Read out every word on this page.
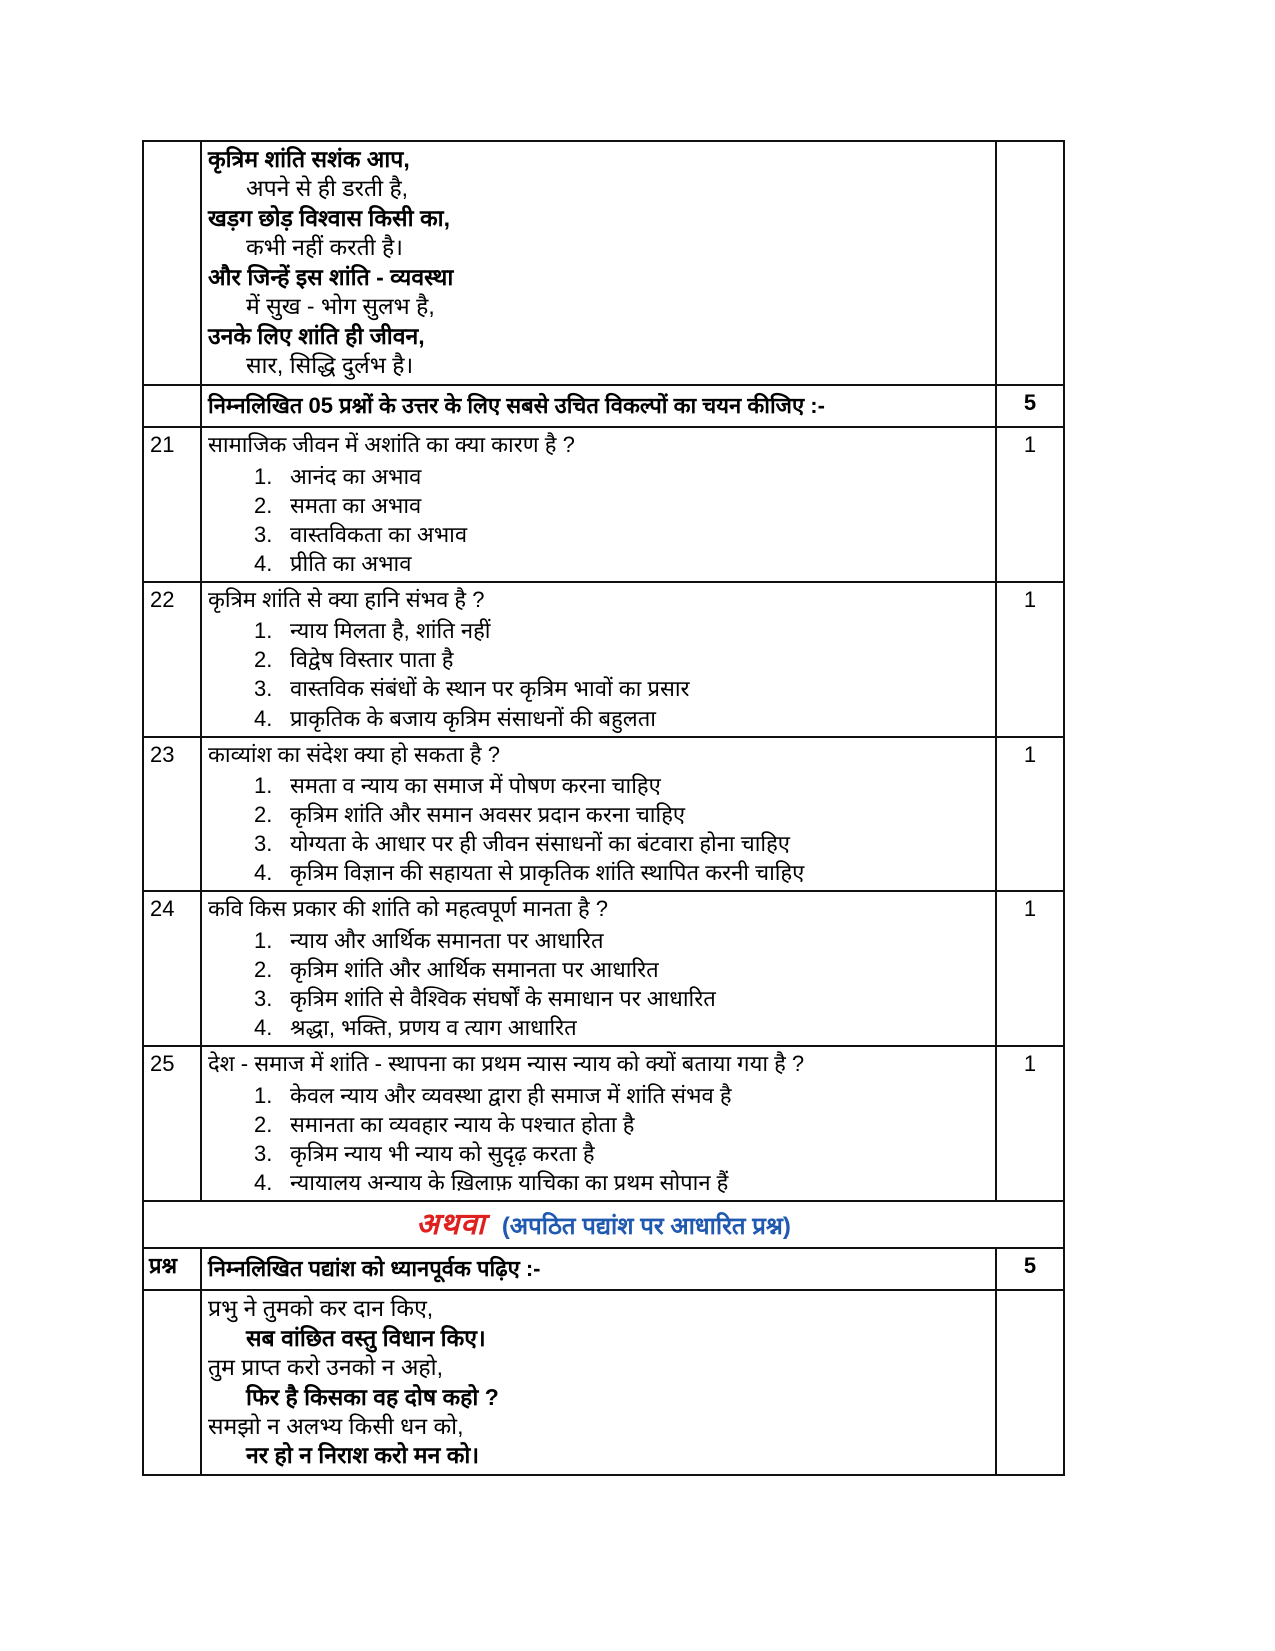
कृत्रिम शांति सशंक आप,
अपने से ही डरती है,
खड़ग छोड़ विश्वास किसी का,
कभी नहीं करती है।
और जिन्हें इस शांति - व्यवस्था
में सुख - भोग सुलभ है,
उनके लिए शांति ही जीवन,
सार, सिद्धि दुर्लभ है।

	निम्नलिखित 05 प्रश्नों के उत्तर के लिए सबसे उचित विकल्पों का चयन कीजिए :-	5
21	सामाजिक जीवन में अशांति का क्या कारण है ?
1. आनंद का अभाव
2. समता का अभाव
3. वास्तविकता का अभाव
4. प्रीति का अभाव
	1
22	कृत्रिम शांति से क्या हानि संभव है ?
1. न्याय मिलता है, शांति नहीं
2. विद्वेष विस्तार पाता है
3. वास्तविक संबंधों के स्थान पर कृत्रिम भावों का प्रसार
4. प्राकृतिक के बजाय कृत्रिम संसाधनों की बहुलता
	1
23	काव्यांश का संदेश क्या हो सकता है ?
1. समता व न्याय का समाज में पोषण करना चाहिए
2. कृत्रिम शांति और समान अवसर प्रदान करना चाहिए
3. योग्यता के आधार पर ही जीवन संसाधनों का बंटवारा होना चाहिए
4. कृत्रिम विज्ञान की सहायता से प्राकृतिक शांति स्थापित करनी चाहिए
	1
24	कवि किस प्रकार की शांति को महत्वपूर्ण मानता है ?
1. न्याय और आर्थिक समानता पर आधारित
2. कृत्रिम शांति और आर्थिक समानता पर आधारित
3. कृत्रिम शांति से वैश्विक संघर्षों के समाधान पर आधारित
4. श्रद्धा, भक्ति, प्रणय व त्याग आधारित
	1
25	देश - समाज में शांति - स्थापना का प्रथम न्यास न्याय को क्यों बताया गया है ?
1. केवल न्याय और व्यवस्था द्वारा ही समाज में शांति संभव है
2. समानता का व्यवहार न्याय के पश्चात होता है
3. कृत्रिम न्याय भी न्याय को सुदृढ़ करता है
4. न्यायालय अन्याय के ख़िलाफ़ याचिका का प्रथम सोपान हैं
	1
अथवा (अपठित पद्यांश पर आधारित प्रश्न)		
प्रश्न	निम्नलिखित पद्यांश को ध्यानपूर्वक पढ़िए :-	5

प्रभु ने तुमको कर दान किए,
सब वांछित वस्तु विधान किए।
तुम प्राप्त करो उनको न अहो,
फिर है किसका वह दोष कहो ?
समझो न अलभ्य किसी धन को,
नर हो न निराश करो मन को।
